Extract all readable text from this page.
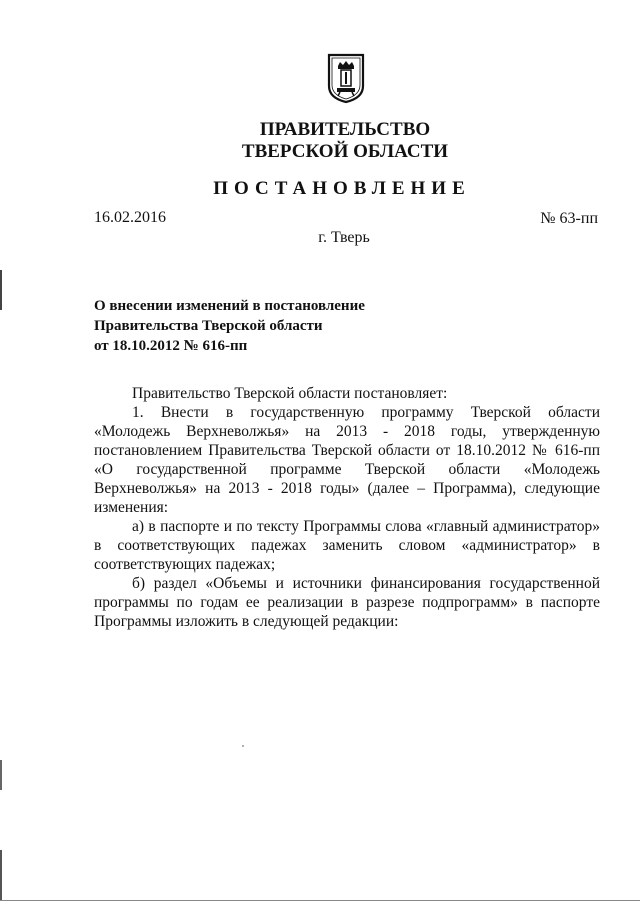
ПРАВИТЕЛЬСТВО
ТВЕРСКОЙ ОБЛАСТИ
ПОСТАНОВЛЕНИЕ
16.02.2016	№ 63-пп
г. Тверь
О внесении изменений в постановление
Правительства Тверской области
от 18.10.2012 № 616-пп

Правительство Тверской области постановляет:

1. Внести в государственную программу Тверской области «Молодежь Верхневолжья» на 2013 - 2018 годы, утвержденную постановлением Правительства Тверской области от 18.10.2012 № 616-пп «О государственной программе Тверской области «Молодежь Верхневолжья» на 2013 - 2018 годы» (далее – Программа), следующие изменения:

а) в паспорте и по тексту Программы слова «главный администратор» в соответствующих падежах заменить словом «администратор» в соответствующих падежах;

б) раздел «Объемы и источники финансирования государственной программы по годам ее реализации в разрезе подпрограмм» в паспорте Программы изложить в следующей редакции:
